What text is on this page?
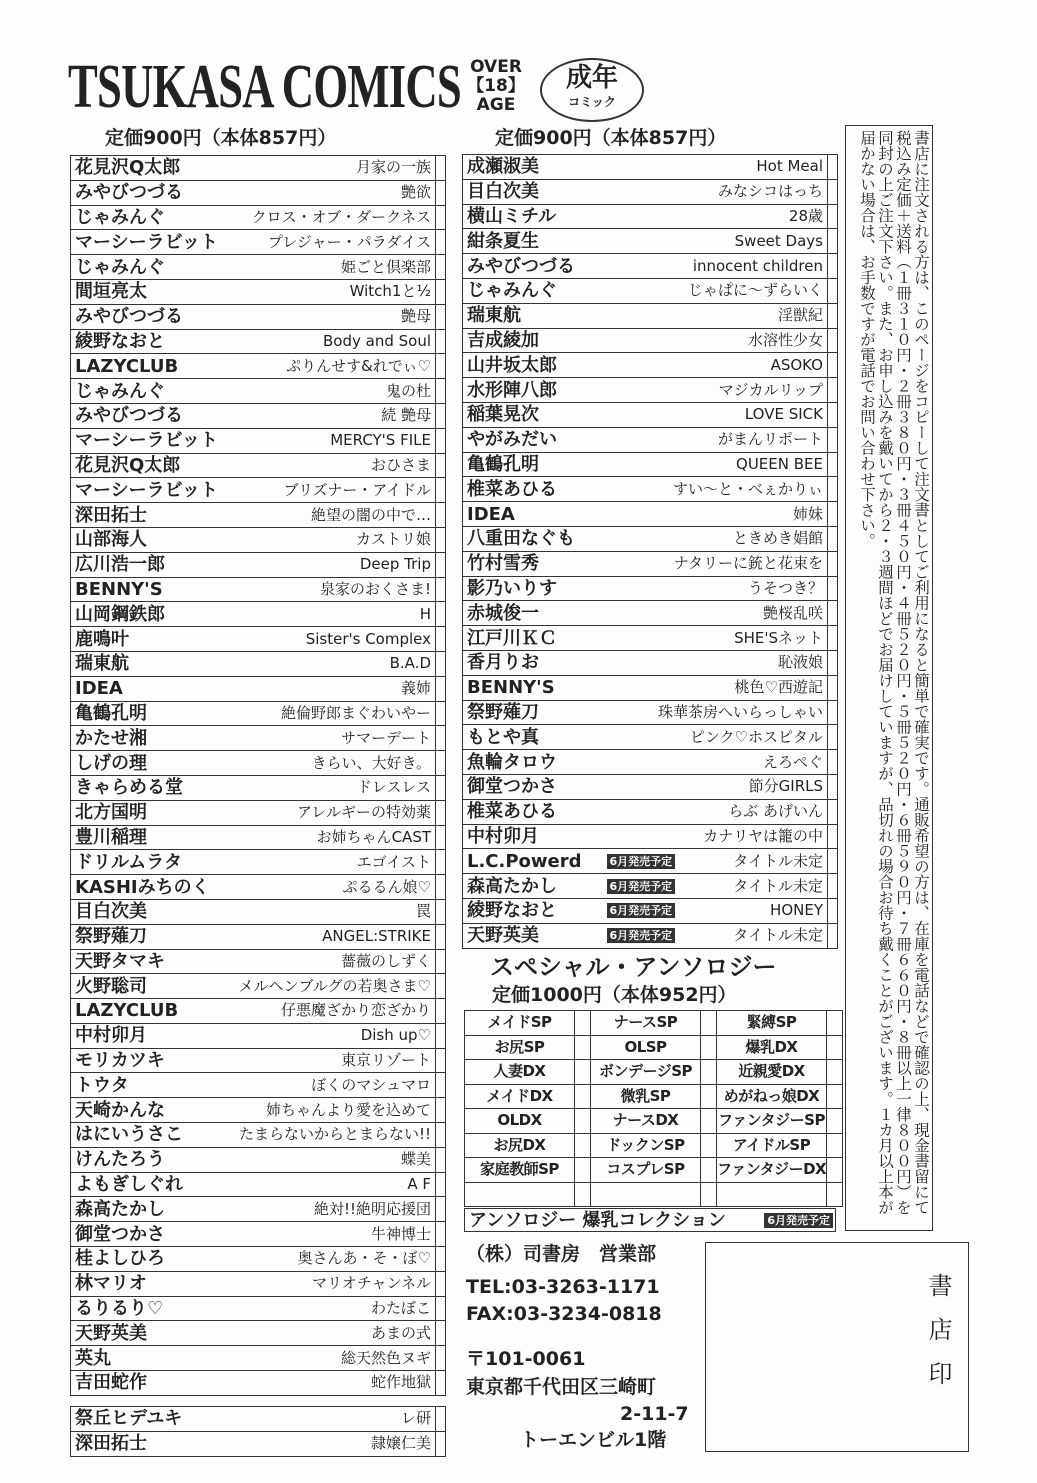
TSUKASA COMICS OVER
【18】
AGE
成年
コミック
定価900円（本体857円）	定価900円（本体857円）
花見沢Q太郎	月家の一族	
みやびつづる	艶欲	
じゃみんぐ	クロス・オブ・ダークネス	
マーシーラビット	プレジャー・パラダイス	
じゃみんぐ	姫ごと倶楽部	
間垣亮太	Witch1と½	
みやびつづる	艶母	
綾野なおと	Body and Soul	
LAZYCLUB	ぷりんせす&れでぃ♡	
じゃみんぐ	鬼の杜	
みやびつづる	続 艶母	
マーシーラビット	MERCY'S FILE	
花見沢Q太郎	おひさま	
マーシーラビット	ブリズナー・アイドル	
深田拓士	絶望の闇の中で…	
山部海人	カストリ娘	
広川浩一郎	Deep Trip	
BENNY'S	泉家のおくさま!	
山岡鋼鉄郎	H	
鹿鳴叶	Sister's Complex	
瑞東航	B.A.D	
IDEA	義姉	
亀鶴孔明	絶倫野郎まぐわいやー	
かたせ湘	サマーデート	
しげの理	きらい、大好き。	
きゃらめる堂	ドレスレス	
北方国明	アレルギーの特効薬	
豊川稲理	お姉ちゃんCAST	
ドリルムラタ	エゴイスト	
KASHIみちのく	ぷるるん娘♡	
目白次美	罠	
祭野薙刀	ANGEL:STRIKE	
天野タマキ	薔薇のしずく	
火野聡司	メルヘンブルグの若奥さま♡	
LAZYCLUB	仔悪魔ざかり恋ざかり	
中村卯月	Dish up♡	
モリカツキ	東京リゾート	
トウタ	ぼくのマシュマロ	
天崎かんな	姉ちゃんより愛を込めて	
はにいうさこ	たまらないからとまらない!!	
けんたろう	蝶美	
よもぎしぐれ	A F	
森高たかし	絶対!!絶明応援団	
御堂つかさ	牛神博士	
桂よしひろ	奥さんあ・そ・ぼ♡	
林マリオ	マリオチャンネル	
るりるり♡	わたぼこ	
天野英美	あまの式	
英丸	総天然色ヌギ	
吉田蛇作	蛇作地獄	
祭丘ヒデユキ	レ研	
深田拓士	隷嬢仁美	
成瀬淑美	Hot Meal	
目白次美	みなシコはっち	
横山ミチル	28歳	
紺条夏生	Sweet Days	
みやびつづる	innocent children	
じゃみんぐ	じゃぱに～ずらいく	
瑞東航	淫獣紀	
吉成綾加	水溶性少女	
山井坂太郎	ASOKO	
水形陣八郎	マジカルリップ	
稲葉晃次	LOVE SICK	
やがみだい	がまんリポート	
亀鶴孔明	QUEEN BEE	
椎菜あひる	すい～と・べぇかりぃ	
IDEA	姉妹	
八重田なぐも	ときめき娼館	
竹村雪秀	ナタリーに銃と花束を	
影乃いりす	うそつき？	
赤城俊一	艶桜乱咲	
江戸川ＫＣ	SHE'Sネット	
香月りお	恥液娘	
BENNY'S	桃色♡西遊記	
祭野薙刀	珠華茶房へいらっしゃい	
もとや真	ピンク♡ホスピタル	
魚輪タロウ	えろぺぐ	
御堂つかさ	節分GIRLS	
椎菜あひる	らぶ あげいん	
中村卯月	カナリヤは籠の中	
L.C.Powerd	6月発売予定 タイトル未定	
森高たかし	6月発売予定 タイトル未定	
綾野なおと	6月発売予定 HONEY	
天野英美	6月発売予定 タイトル未定	
スペシャル・アンソロジー
定価1000円（本体952円）
メイドSP		ナースSP		緊縛SP	
お尻SP		OLSP		爆乳DX	
人妻DX		ボンデージSP		近親愛DX	
メイドDX		微乳SP		めがねっ娘DX	
OLDX		ナースDX		ファンタジーSP	
お尻DX		ドックンSP		アイドルSP	
家庭教師SP		コスプレSP		ファンタジーDX	

アンソロジー 爆乳コレクション	6月発売予定
書店に注文される方は、このページをコピーして注文書としてご利用になると簡単で確実です。通販希望の方は、在庫を電話などで確認の上、現金書留にて税込み定価＋送料（１冊３１０円・２冊３８０円・３冊４５０円・４冊５２０円・５冊５２０円・６冊５９０円・７冊６６０円・８冊以上一律８００円）を同封の上ご注文下さい。また、お申し込みを戴いてから２・３週間ほどでお届けしていますが、品切れの場合お待ち戴くことがございます。１カ月以上本が届かない場合は、お手数ですが電話でお問い合わせ下さい。
（株）司書房　営業部
TEL:03-3263-1171
FAX:03-3234-0818
〒101-0061
東京都千代田区三崎町
2-11-7
トーエンビル1階
書店印
